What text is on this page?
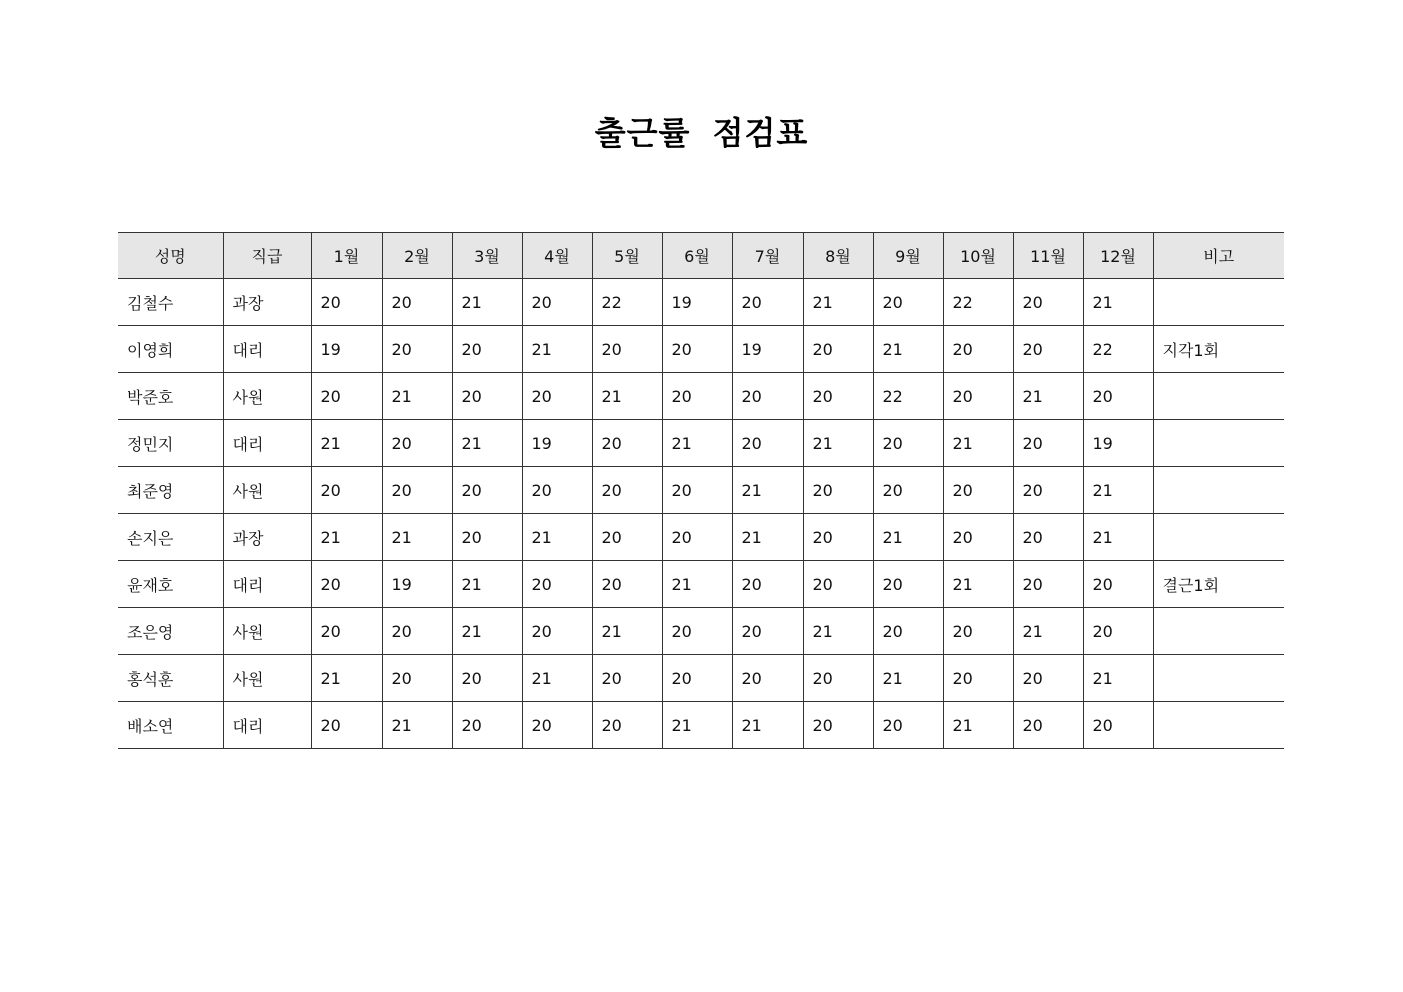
출근률 점검표
성명	직급	1월	2월	3월	4월	5월	6월	7월	8월	9월	10월	11월	12월	비고
김철수	과장	20	20	21	20	22	19	20	21	20	22	20	21	
이영희	대리	19	20	20	21	20	20	19	20	21	20	20	22	지각1회
박준호	사원	20	21	20	20	21	20	20	20	22	20	21	20	
정민지	대리	21	20	21	19	20	21	20	21	20	21	20	19	
최준영	사원	20	20	20	20	20	20	21	20	20	20	20	21	
손지은	과장	21	21	20	21	20	20	21	20	21	20	20	21	
윤재호	대리	20	19	21	20	20	21	20	20	20	21	20	20	결근1회
조은영	사원	20	20	21	20	21	20	20	21	20	20	21	20	
홍석훈	사원	21	20	20	21	20	20	20	20	21	20	20	21	
배소연	대리	20	21	20	20	20	21	21	20	20	21	20	20	
